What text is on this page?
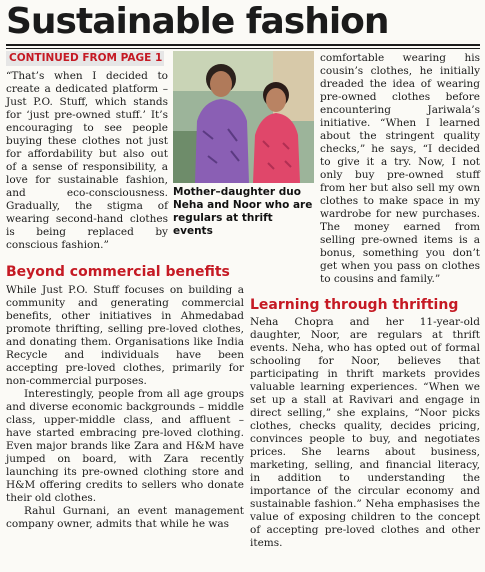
Sustainable fashion
CONTINUED FROM PAGE 1

“That’s when I decided to create a dedicated platform – Just P.O. Stuff, which stands for ‘just pre-owned stuff.’ It’s encouraging to see people buying these clothes not just for affordability but also out of a sense of responsibility, a love for sustainable fashion, and eco-consciousness. Gradually, the stigma of wearing second-hand clothes is being replaced by conscious fashion.”

Mother–daughter duo Neha and Noor who are regulars at thrift events

comfortable wearing his cousin’s clothes, he initially dreaded the idea of wearing pre-owned clothes before encountering Jariwala’s initiative. “When I learned about the stringent quality checks,” he says, “I decided to give it a try. Now, I not only buy pre-owned stuff from her but also sell my own clothes to make space in my wardrobe for new purchases. The money earned from selling pre-owned items is a bonus, something you don’t get when you pass on clothes to cousins and family.”

Beyond commercial benefits

While Just P.O. Stuff focuses on building a community and generating commercial benefits, other initiatives in Ahmedabad promote thrifting, selling pre-loved clothes, and donating them. Organisations like India Recycle and individuals have been accepting pre-loved clothes, primarily for non-commercial purposes.

Interestingly, people from all age groups and diverse economic backgrounds – middle class, upper-middle class, and affluent – have started embracing pre-loved clothing. Even major brands like Zara and H&M have jumped on board, with Zara recently launching its pre-owned clothing store and H&M offering credits to sellers who donate their old clothes.

Rahul Gurnani, an event management company owner, admits that while he was

Learning through thrifting

Neha Chopra and her 11-year-old daughter, Noor, are regulars at thrift events. Neha, who has opted out of formal schooling for Noor, believes that participating in thrift markets provides valuable learning experiences. “When we set up a stall at Ravivari and engage in direct selling,” she explains, “Noor picks clothes, checks quality, decides pricing, convinces people to buy, and negotiates prices. She learns about business, marketing, selling, and financial literacy, in addition to understanding the importance of the circular economy and sustainable fashion.” Neha emphasises the value of exposing children to the concept of accepting pre-loved clothes and other items.
